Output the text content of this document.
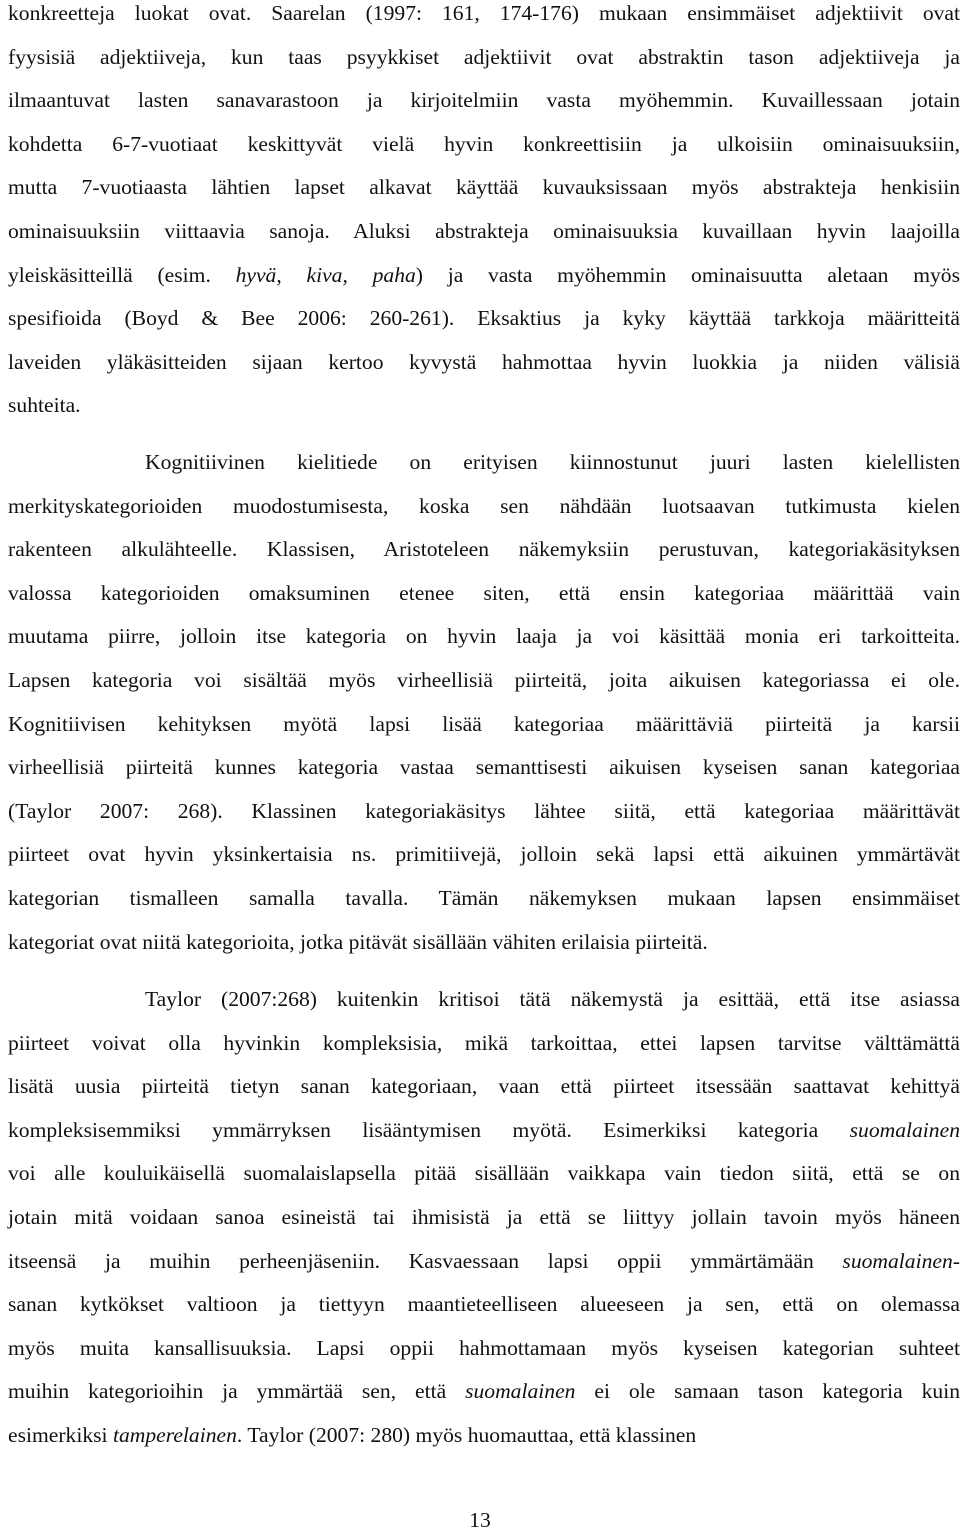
konkreetteja luokat ovat. Saarelan (1997: 161, 174-176) mukaan ensimmäiset adjektiivit ovat
fyysisiä adjektiiveja, kun taas psyykkiset adjektiivit ovat abstraktin tason adjektiiveja ja
ilmaantuvat lasten sanavarastoon ja kirjoitelmiin vasta myöhemmin. Kuvaillessaan jotain
kohdetta 6-7-vuotiaat keskittyvät vielä hyvin konkreettisiin ja ulkoisiin ominaisuuksiin,
mutta 7-vuotiaasta lähtien lapset alkavat käyttää kuvauksissaan myös abstrakteja henkisiin
ominaisuuksiin viittaavia sanoja. Aluksi abstrakteja ominaisuuksia kuvaillaan hyvin laajoilla
yleiskäsitteillä (esim. hyvä, kiva, paha) ja vasta myöhemmin ominaisuutta aletaan myös
spesifioida (Boyd & Bee 2006: 260-261). Eksaktius ja kyky käyttää tarkkoja määritteitä
laveiden yläkäsitteiden sijaan kertoo kyvystä hahmottaa hyvin luokkia ja niiden välisiä
suhteita.
Kognitiivinen kielitiede on erityisen kiinnostunut juuri lasten kielellisten
merkityskategorioiden muodostumisesta, koska sen nähdään luotsaavan tutkimusta kielen
rakenteen alkulähteelle. Klassisen, Aristoteleen näkemyksiin perustuvan, kategoriakäsityksen
valossa kategorioiden omaksuminen etenee siten, että ensin kategoriaa määrittää vain
muutama piirre, jolloin itse kategoria on hyvin laaja ja voi käsittää monia eri tarkoitteita.
Lapsen kategoria voi sisältää myös virheellisiä piirteitä, joita aikuisen kategoriassa ei ole.
Kognitiivisen kehityksen myötä lapsi lisää kategoriaa määrittäviä piirteitä ja karsii
virheellisiä piirteitä kunnes kategoria vastaa semanttisesti aikuisen kyseisen sanan kategoriaa
(Taylor 2007: 268). Klassinen kategoriakäsitys lähtee siitä, että kategoriaa määrittävät
piirteet ovat hyvin yksinkertaisia ns. primitiivejä, jolloin sekä lapsi että aikuinen ymmärtävät
kategorian tismalleen samalla tavalla. Tämän näkemyksen mukaan lapsen ensimmäiset
kategoriat ovat niitä kategorioita, jotka pitävät sisällään vähiten erilaisia piirteitä.
Taylor (2007:268) kuitenkin kritisoi tätä näkemystä ja esittää, että itse asiassa
piirteet voivat olla hyvinkin kompleksisia, mikä tarkoittaa, ettei lapsen tarvitse välttämättä
lisätä uusia piirteitä tietyn sanan kategoriaan, vaan että piirteet itsessään saattavat kehittyä
kompleksisemmiksi ymmärryksen lisääntymisen myötä. Esimerkiksi kategoria suomalainen
voi alle kouluikäisellä suomalaislapsella pitää sisällään vaikkapa vain tiedon siitä, että se on
jotain mitä voidaan sanoa esineistä tai ihmisistä ja että se liittyy jollain tavoin myös häneen
itseensä ja muihin perheenjäseniin. Kasvaessaan lapsi oppii ymmärtämään suomalainen-
sanan kytkökset valtioon ja tiettyyn maantieteelliseen alueeseen ja sen, että on olemassa
myös muita kansallisuuksia. Lapsi oppii hahmottamaan myös kyseisen kategorian suhteet
muihin kategorioihin ja ymmärtää sen, että suomalainen ei ole samaan tason kategoria kuin
esimerkiksi tamperelainen. Taylor (2007: 280) myös huomauttaa, että klassinen
13
